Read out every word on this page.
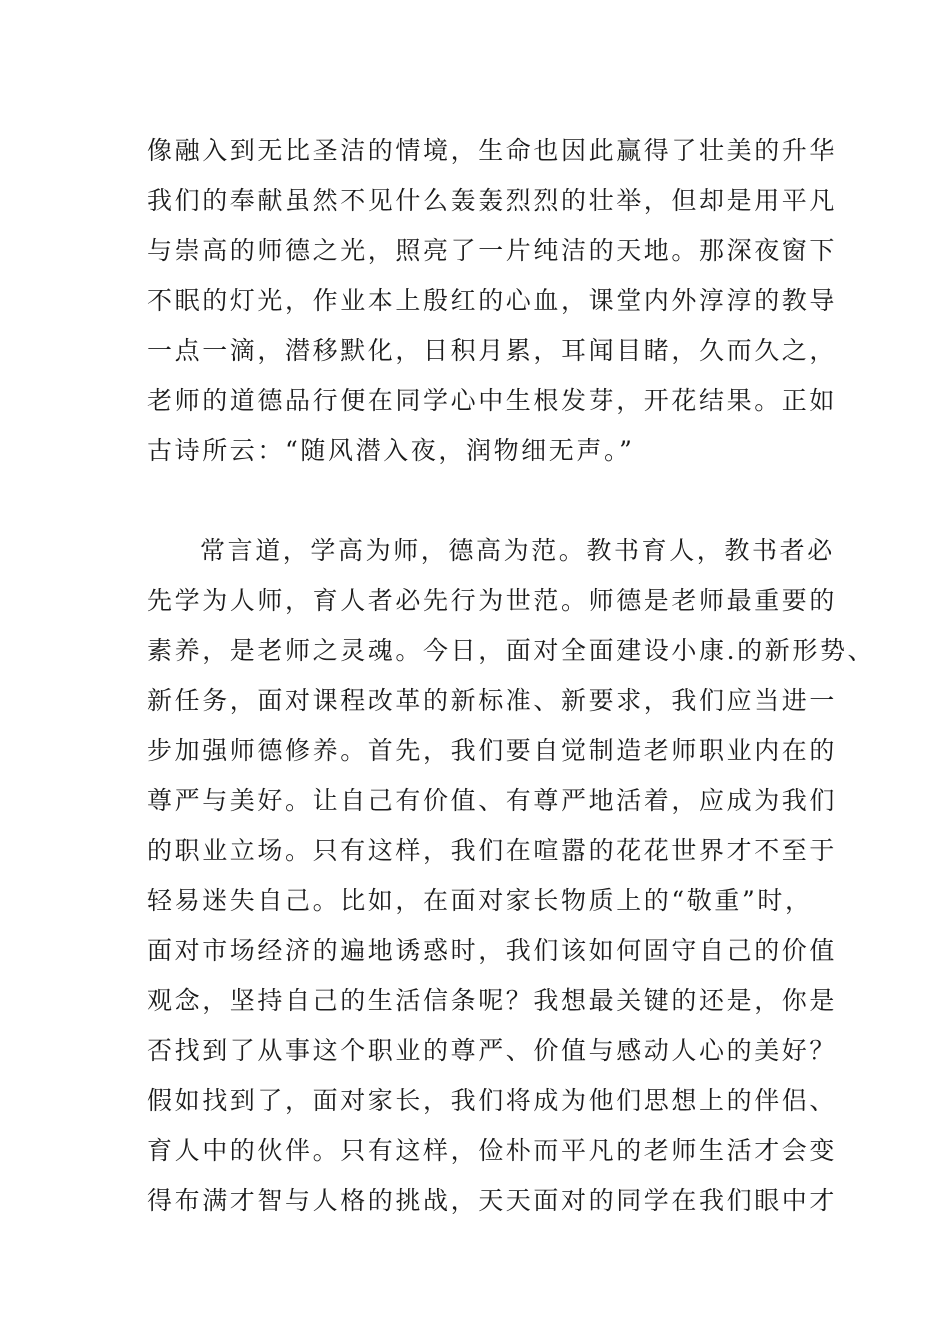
像融入到无比圣洁的情境，生命也因此赢得了壮美的升华
我们的奉献虽然不见什么轰轰烈烈的壮举，但却是用平凡
与崇高的师德之光，照亮了一片纯洁的天地。那深夜窗下
不眠的灯光，作业本上殷红的心血，课堂内外淳淳的教导
一点一滴，潜移默化，日积月累，耳闻目睹，久而久之，
老师的道德品行便在同学心中生根发芽，开花结果。正如
古诗所云：“随风潜入夜，润物细无声。”
常言道，学高为师，德高为范。教书育人，教书者必
先学为人师，育人者必先行为世范。师德是老师最重要的
素养，是老师之灵魂。今日，面对全面建设小康.的新形势、
新任务，面对课程改革的新标准、新要求，我们应当进一
步加强师德修养。首先，我们要自觉制造老师职业内在的
尊严与美好。让自己有价值、有尊严地活着，应成为我们
的职业立场。只有这样，我们在喧嚣的花花世界才不至于
轻易迷失自己。比如，在面对家长物质上的“敬重”时，
面对市场经济的遍地诱惑时，我们该如何固守自己的价值
观念，坚持自己的生活信条呢？我想最关键的还是，你是
否找到了从事这个职业的尊严、价值与感动人心的美好？
假如找到了，面对家长，我们将成为他们思想上的伴侣、
育人中的伙伴。只有这样，俭朴而平凡的老师生活才会变
得布满才智与人格的挑战，天天面对的同学在我们眼中才
